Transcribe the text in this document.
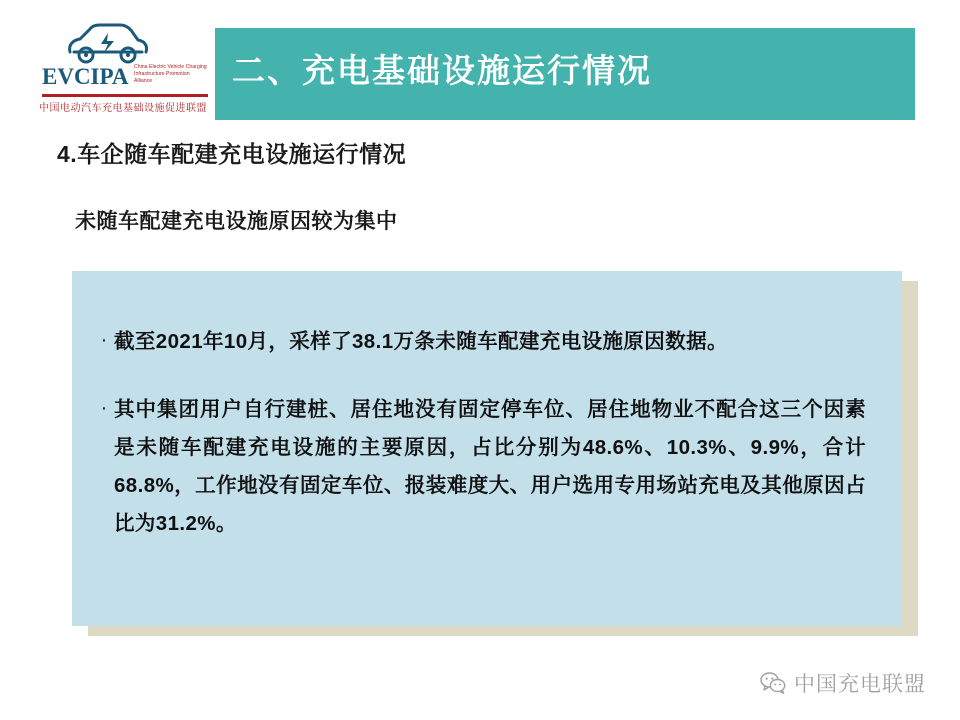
EVCIPA China Electric Vehicle Charging Infrastructure Promotion Alliance
中国电动汽车充电基础设施促进联盟
二、充电基础设施运行情况
4.车企随车配建充电设施运行情况
未随车配建充电设施原因较为集中
· 截至2021年10月，采样了38.1万条未随车配建充电设施原因数据。
· 其中集团用户自行建桩、居住地没有固定停车位、居住地物业不配合这三个因素是未随车配建充电设施的主要原因，占比分别为48.6%、10.3%、9.9%，合计68.8%，工作地没有固定车位、报装难度大、用户选用专用场站充电及其他原因占比为31.2%。
中国充电联盟
